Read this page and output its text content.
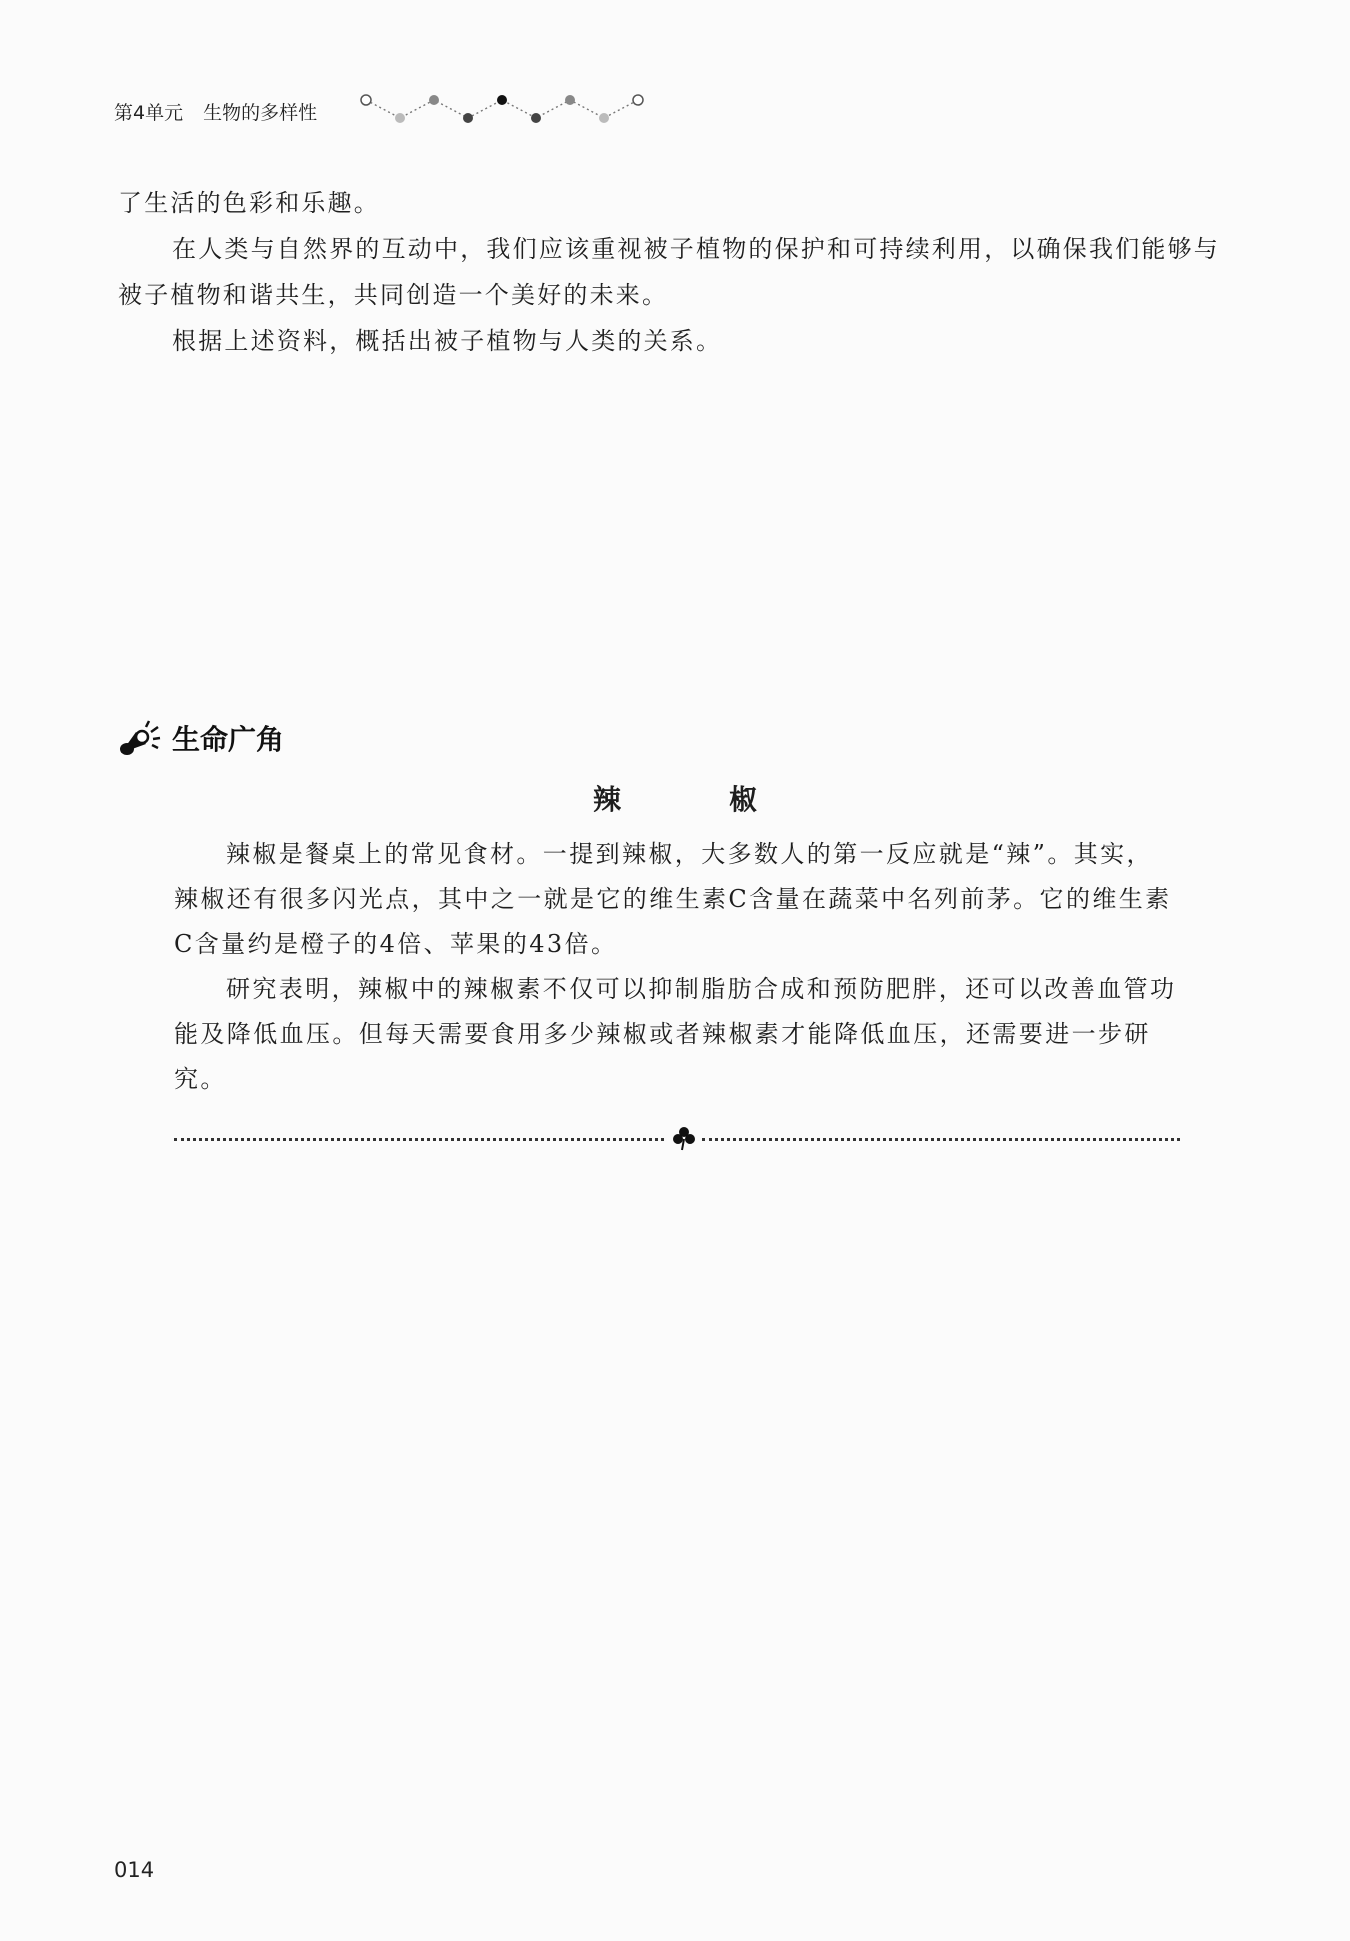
第4单元 生物的多样性

了生活的色彩和乐趣。

在人类与自然界的互动中，我们应该重视被子植物的保护和可持续利用，以确保我们能够与被子植物和谐共生，共同创造一个美好的未来。

根据上述资料，概括出被子植物与人类的关系。

生命广角
辣　椒

辣椒是餐桌上的常见食材。一提到辣椒，大多数人的第一反应就是“辣”。其实，辣椒还有很多闪光点，其中之一就是它的维生素C含量在蔬菜中名列前茅。它的维生素C含量约是橙子的4倍、苹果的43倍。

研究表明，辣椒中的辣椒素不仅可以抑制脂肪合成和预防肥胖，还可以改善血管功能及降低血压。但每天需要食用多少辣椒或者辣椒素才能降低血压，还需要进一步研究。

014
